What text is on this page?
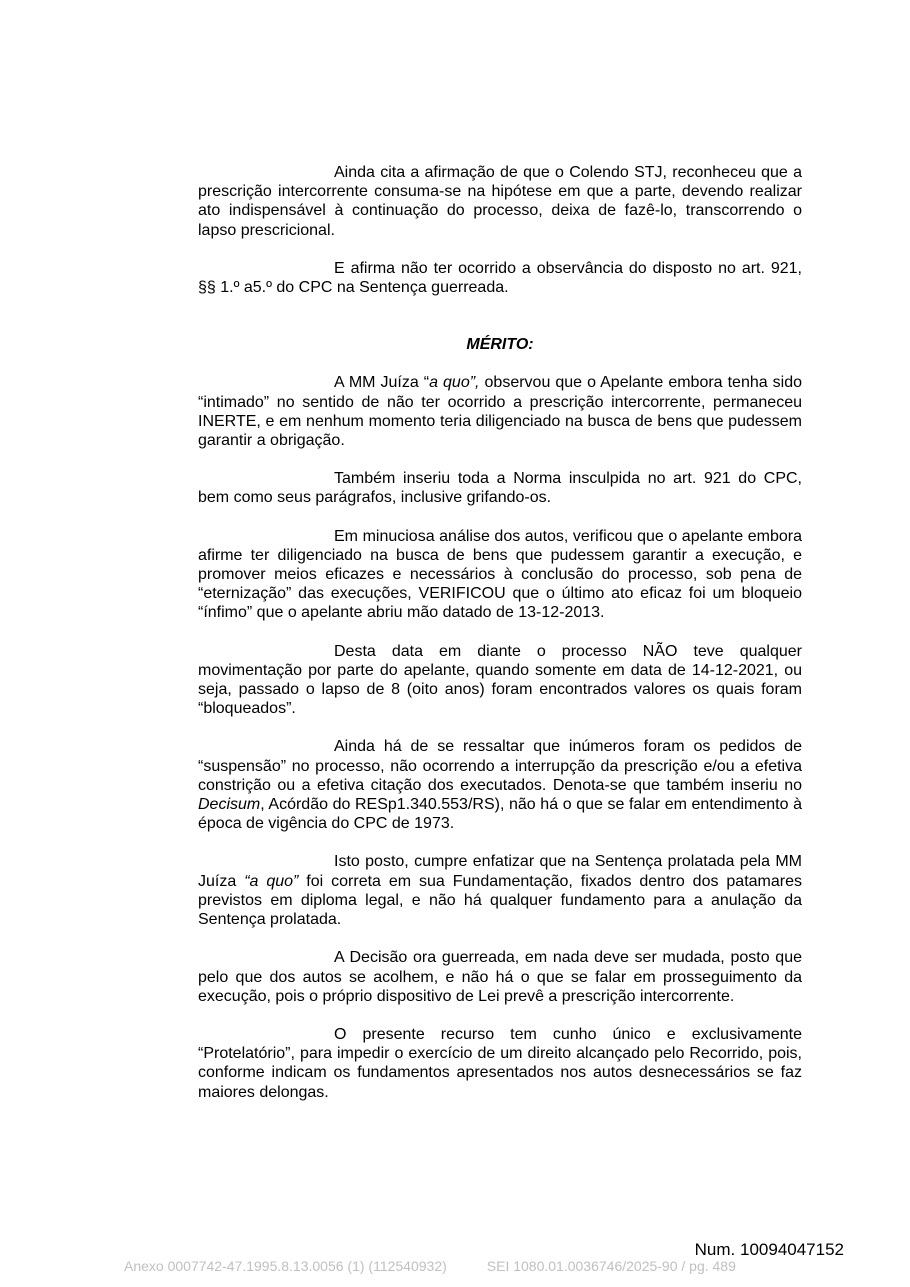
Ainda cita a afirmação de que o Colendo STJ, reconheceu que a prescrição intercorrente consuma-se na hipótese em que a parte, devendo realizar ato indispensável à continuação do processo, deixa de fazê-lo, transcorrendo o lapso prescricional.

E afirma não ter ocorrido a observância do disposto no art. 921, §§ 1.º a5.º do CPC na Sentença guerreada.

MÉRITO:

A MM Juíza “a quo”, observou que o Apelante embora tenha sido “intimado” no sentido de não ter ocorrido a prescrição intercorrente, permaneceu INERTE, e em nenhum momento teria diligenciado na busca de bens que pudessem garantir a obrigação.

Também inseriu toda a Norma insculpida no art. 921 do CPC, bem como seus parágrafos, inclusive grifando-os.

Em minuciosa análise dos autos, verificou que o apelante embora afirme ter diligenciado na busca de bens que pudessem garantir a execução, e promover meios eficazes e necessários à conclusão do processo, sob pena de “eternização” das execuções, VERIFICOU que o último ato eficaz foi um bloqueio “ínfimo” que o apelante abriu mão datado de 13-12-2013.

Desta data em diante o processo NÃO teve qualquer movimentação por parte do apelante, quando somente em data de 14-12-2021, ou seja, passado o lapso de 8 (oito anos) foram encontrados valores os quais foram “bloqueados”.

Ainda há de se ressaltar que inúmeros foram os pedidos de “suspensão” no processo, não ocorrendo a interrupção da prescrição e/ou a efetiva constrição ou a efetiva citação dos executados. Denota-se que também inseriu no Decisum, Acórdão do RESp1.340.553/RS), não há o que se falar em entendimento à época de vigência do CPC de 1973.

Isto posto, cumpre enfatizar que na Sentença prolatada pela MM Juíza “a quo” foi correta em sua Fundamentação, fixados dentro dos patamares previstos em diploma legal, e não há qualquer fundamento para a anulação da Sentença prolatada.

A Decisão ora guerreada, em nada deve ser mudada, posto que pelo que dos autos se acolhem, e não há o que se falar em prosseguimento da execução, pois o próprio dispositivo de Lei prevê a prescrição intercorrente.

O presente recurso tem cunho único e exclusivamente “Protelatório”, para impedir o exercício de um direito alcançado pelo Recorrido, pois, conforme indicam os fundamentos apresentados nos autos desnecessários se faz maiores delongas.

Num. 10094047152
Anexo 0007742-47.1995.8.13.0056 (1) (112540932)	SEI 1080.01.0036746/2025-90 / pg. 489
